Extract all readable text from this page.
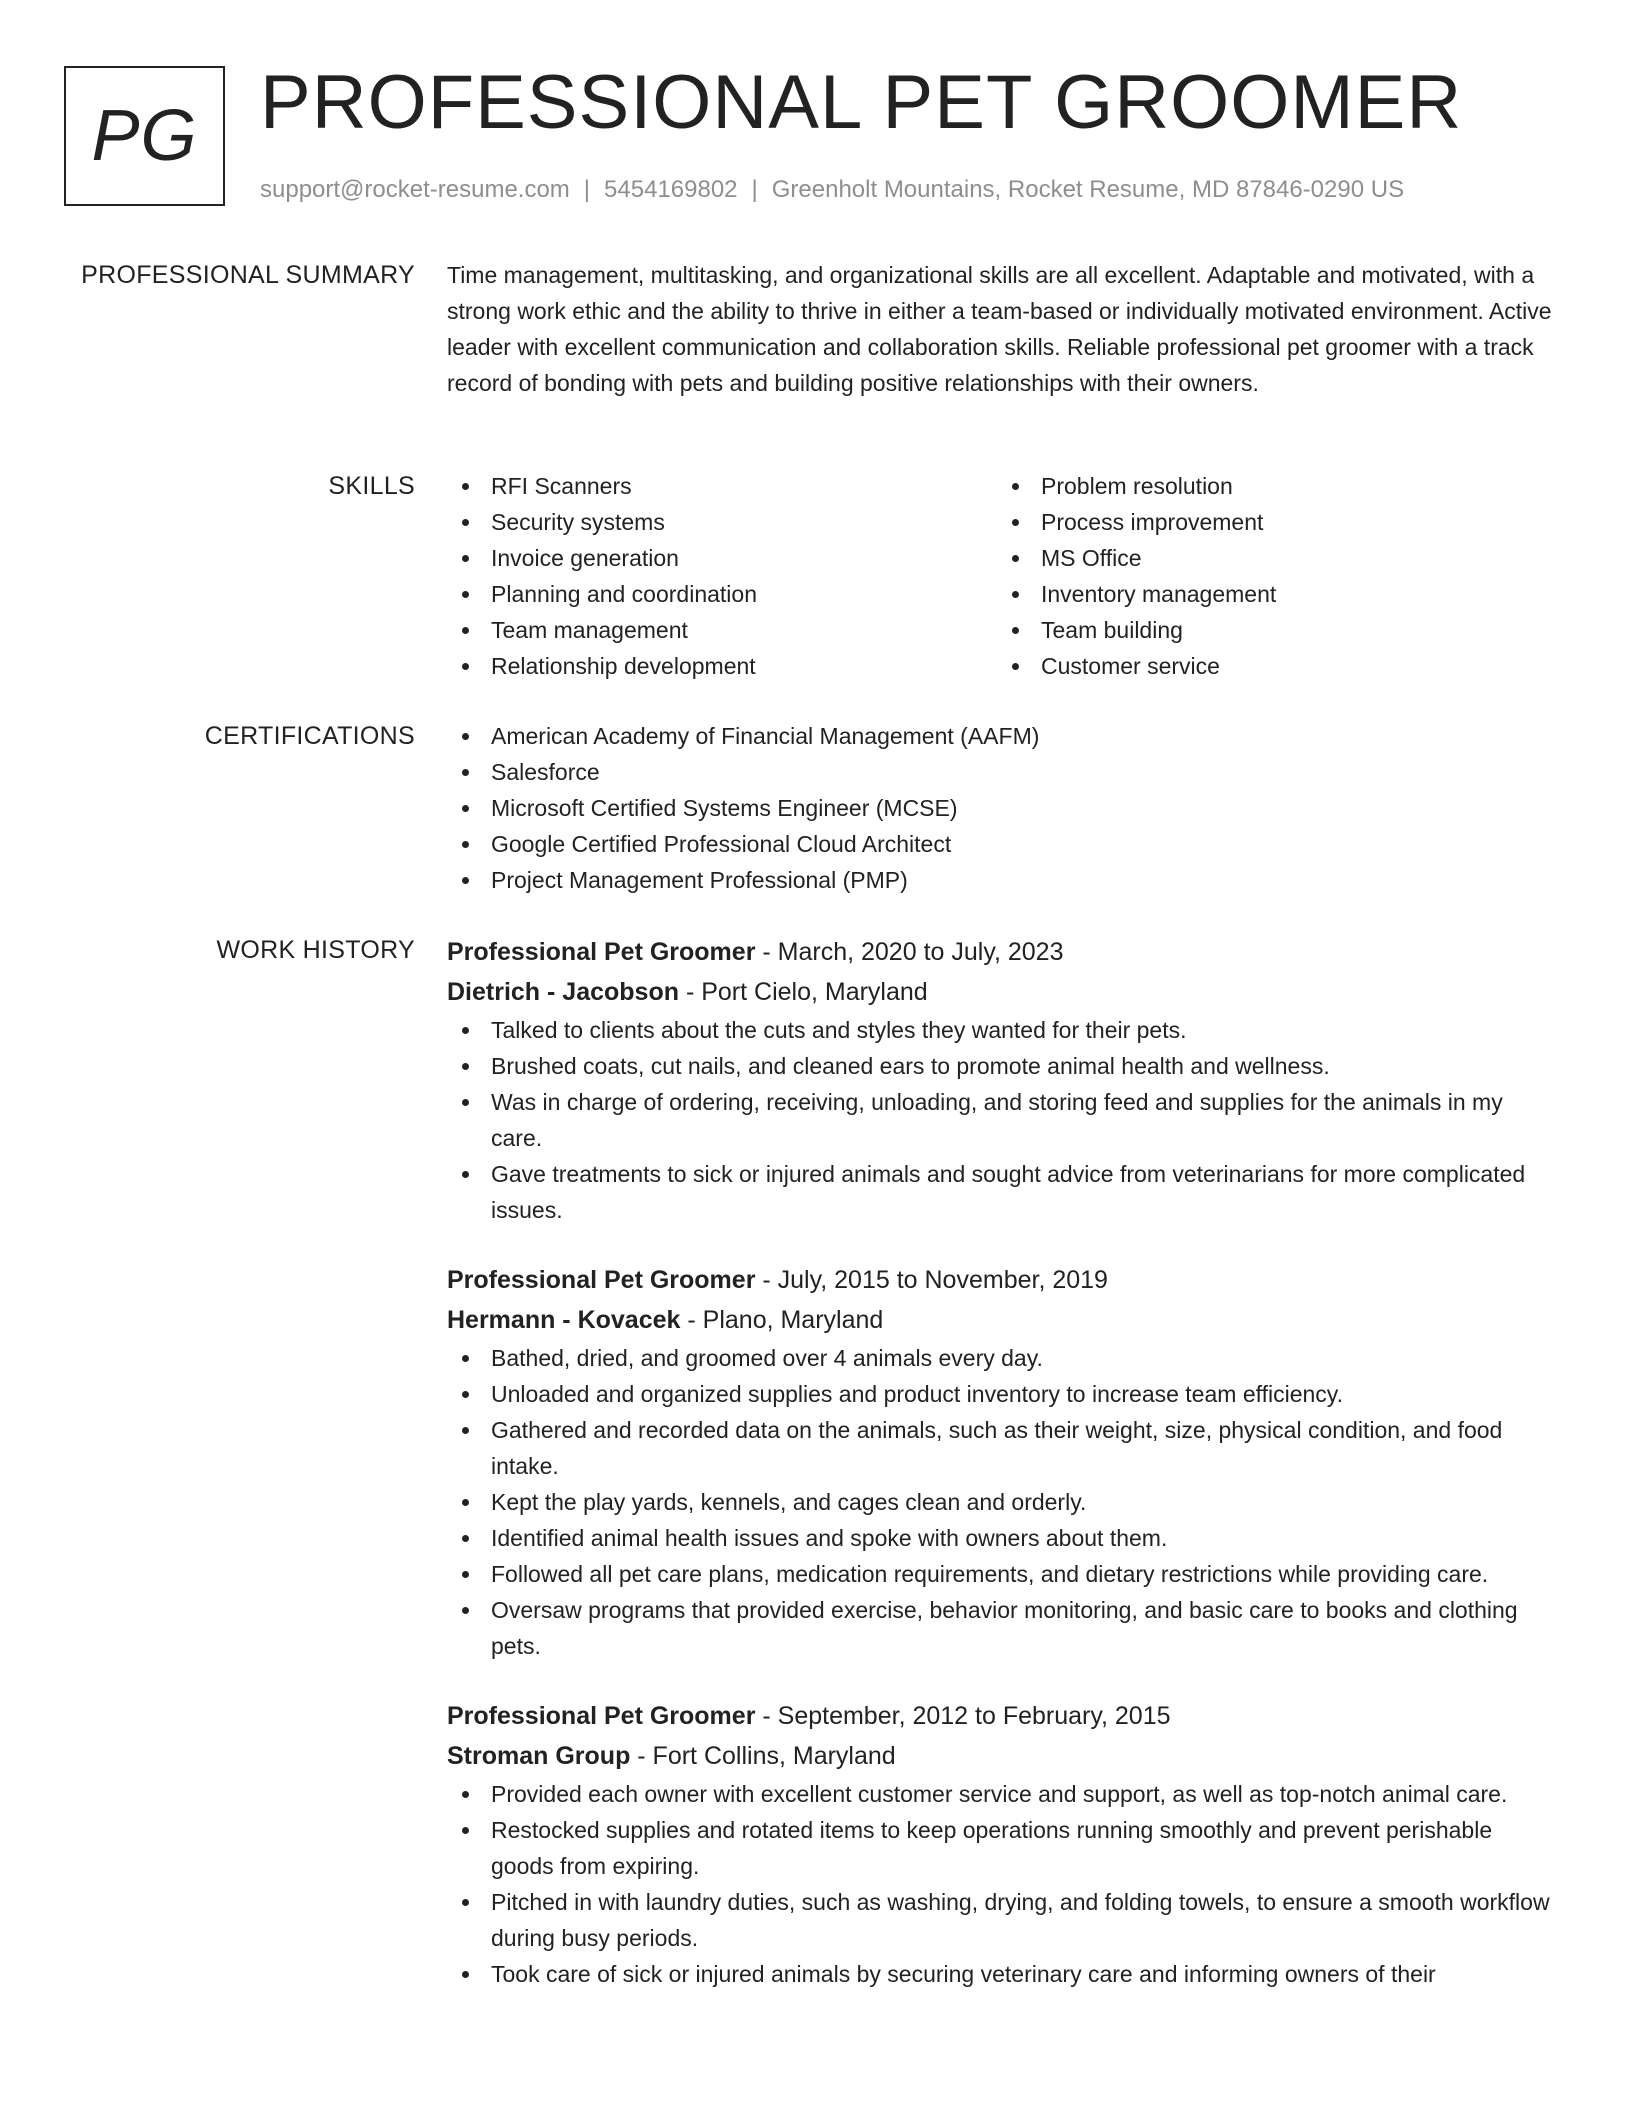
PG PROFESSIONAL PET GROOMER
support@rocket-resume.com | 5454169802 | Greenholt Mountains, Rocket Resume, MD 87846-0290 US
PROFESSIONAL SUMMARY Time management, multitasking, and organizational skills are all excellent. Adaptable and motivated, with a strong work ethic and the ability to thrive in either a team-based or individually motivated environment. Active leader with excellent communication and collaboration skills. Reliable professional pet groomer with a track record of bonding with pets and building positive relationships with their owners.

SKILLS	RFI Scanners
Security systems
Invoice generation
Planning and coordination
Team management
Relationship development
Problem resolution
Process improvement
MS Office
Inventory management
Team building
Customer service
CERTIFICATIONS	American Academy of Financial Management (AAFM)
Salesforce
Microsoft Certified Systems Engineer (MCSE)
Google Certified Professional Cloud Architect
Project Management Professional (PMP)
WORK HISTORY Professional Pet Groomer - March, 2020 to July, 2023
Dietrich - Jacobson - Port Cielo, Maryland
Talked to clients about the cuts and styles they wanted for their pets.
Brushed coats, cut nails, and cleaned ears to promote animal health and wellness.
Was in charge of ordering, receiving, unloading, and storing feed and supplies for the animals in my care.
Gave treatments to sick or injured animals and sought advice from veterinarians for more complicated issues.
Professional Pet Groomer - July, 2015 to November, 2019
Hermann - Kovacek - Plano, Maryland
Bathed, dried, and groomed over 4 animals every day.
Unloaded and organized supplies and product inventory to increase team efficiency.
Gathered and recorded data on the animals, such as their weight, size, physical condition, and food intake.
Kept the play yards, kennels, and cages clean and orderly.
Identified animal health issues and spoke with owners about them.
Followed all pet care plans, medication requirements, and dietary restrictions while providing care.
Oversaw programs that provided exercise, behavior monitoring, and basic care to books and clothing pets.
Professional Pet Groomer - September, 2012 to February, 2015
Stroman Group - Fort Collins, Maryland
Provided each owner with excellent customer service and support, as well as top-notch animal care.
Restocked supplies and rotated items to keep operations running smoothly and prevent perishable goods from expiring.
Pitched in with laundry duties, such as washing, drying, and folding towels, to ensure a smooth workflow during busy periods.
Took care of sick or injured animals by securing veterinary care and informing owners of their
